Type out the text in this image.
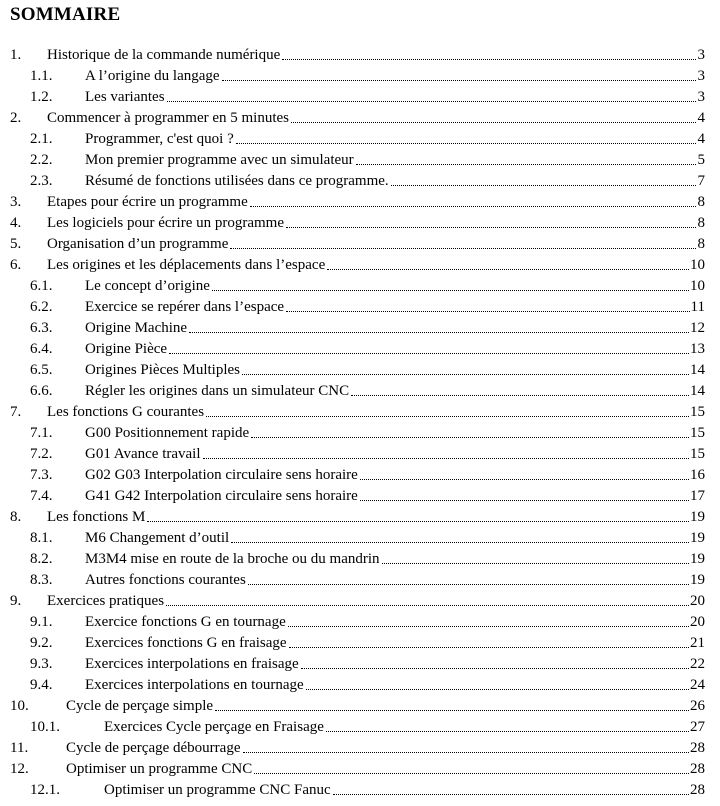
SOMMAIRE
1. Historique de la commande numérique	3
1.1. A l’origine du langage	3
1.2. Les variantes	3
2. Commencer à programmer en 5 minutes	4
2.1. Programmer, c'est quoi ?	4
2.2. Mon premier programme avec un simulateur	5
2.3. Résumé de fonctions utilisées dans ce programme.	7
3. Etapes pour écrire un programme	8
4. Les logiciels pour écrire un programme	8
5. Organisation d’un programme	8
6. Les origines et les déplacements dans l’espace	10
6.1. Le concept d’origine	10
6.2. Exercice se repérer dans l’espace	11
6.3. Origine Machine	12
6.4. Origine Pièce	13
6.5. Origines Pièces Multiples	14
6.6. Régler les origines dans un simulateur CNC	14
7. Les fonctions G courantes	15
7.1. G00 Positionnement rapide	15
7.2. G01 Avance travail	15
7.3. G02 G03 Interpolation circulaire sens horaire	16
7.4. G41 G42 Interpolation circulaire sens horaire	17
8. Les fonctions M	19
8.1. M6 Changement d’outil	19
8.2. M3M4 mise en route de la broche ou du mandrin	19
8.3. Autres fonctions courantes	19
9. Exercices pratiques	20
9.1. Exercice fonctions G en tournage	20
9.2. Exercices fonctions G en fraisage	21
9.3. Exercices interpolations en fraisage	22
9.4. Exercices interpolations en tournage	24
10. Cycle de perçage simple	26
10.1.	Exercices Cycle perçage en Fraisage	27
11.	Cycle de perçage débourrage	28
12. Optimiser un programme CNC	28
12.1.	Optimiser un programme CNC Fanuc	28
